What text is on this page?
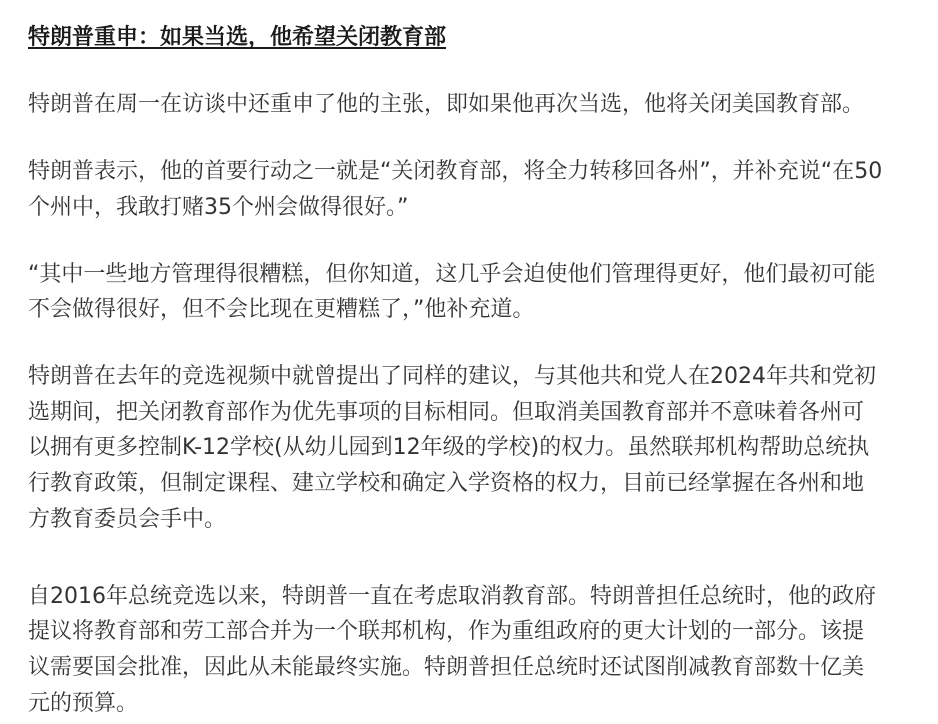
特朗普重申：如果当选，他希望关闭教育部
特朗普在周一在访谈中还重申了他的主张，即如果他再次当选，他将关闭美国教育部。
特朗普表示，他的首要行动之一就是“关闭教育部，将全力转移回各州”，并补充说“在50
个州中，我敢打赌35个州会做得很好。”
“其中一些地方管理得很糟糕，但你知道，这几乎会迫使他们管理得更好，他们最初可能
不会做得很好，但不会比现在更糟糕了，”他补充道。
特朗普在去年的竞选视频中就曾提出了同样的建议，与其他共和党人在2024年共和党初
选期间，把关闭教育部作为优先事项的目标相同。但取消美国教育部并不意味着各州可
以拥有更多控制K-12学校(从幼儿园到12年级的学校)的权力。虽然联邦机构帮助总统执
行教育政策，但制定课程、建立学校和确定入学资格的权力，目前已经掌握在各州和地
方教育委员会手中。
自2016年总统竞选以来，特朗普一直在考虑取消教育部。特朗普担任总统时，他的政府
提议将教育部和劳工部合并为一个联邦机构，作为重组政府的更大计划的一部分。该提
议需要国会批准，因此从未能最终实施。特朗普担任总统时还试图削减教育部数十亿美
元的预算。
